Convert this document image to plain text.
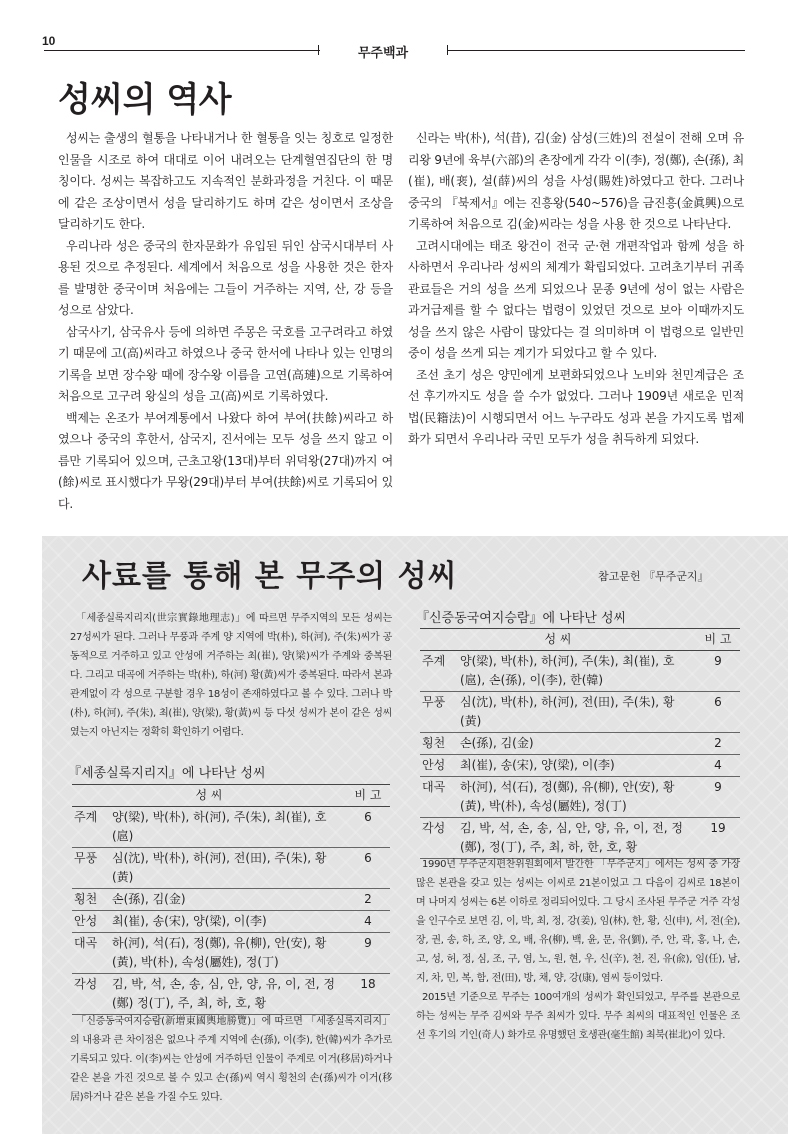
10
무주백과
성씨의 역사

성씨는 출생의 혈통을 나타내거나 한 혈통을 잇는 칭호로 일정한 인물을 시조로 하여 대대로 이어 내려오는 단계혈연집단의 한 명칭이다. 성씨는 복잡하고도 지속적인 분화과정을 거친다. 이 때문에 같은 조상이면서 성을 달리하기도 하며 같은 성이면서 조상을 달리하기도 한다.

우리나라 성은 중국의 한자문화가 유입된 뒤인 삼국시대부터 사용된 것으로 추정된다. 세계에서 처음으로 성을 사용한 것은 한자를 발명한 중국이며 처음에는 그들이 거주하는 지역, 산, 강 등을 성으로 삼았다.

삼국사기, 삼국유사 등에 의하면 주몽은 국호를 고구려라고 하였기 때문에 고(高)씨라고 하였으나 중국 한서에 나타나 있는 인명의 기록을 보면 장수왕 때에 장수왕 이름을 고연(高璉)으로 기록하여 처음으로 고구려 왕실의 성을 고(高)씨로 기록하였다.

백제는 온조가 부여계통에서 나왔다 하여 부여(扶餘)씨라고 하였으나 중국의 후한서, 삼국지, 진서에는 모두 성을 쓰지 않고 이름만 기록되어 있으며, 근초고왕(13대)부터 위덕왕(27대)까지 여(餘)씨로 표시했다가 무왕(29대)부터 부여(扶餘)씨로 기록되어 있다.

신라는 박(朴), 석(昔), 김(金) 삼성(三姓)의 전설이 전해 오며 유리왕 9년에 육부(六部)의 촌장에게 각각 이(李), 정(鄭), 손(孫), 최(崔), 배(裵), 설(薛)씨의 성을 사성(賜姓)하였다고 한다. 그러나 중국의 『북제서』에는 진흥왕(540~576)을 금진흥(金眞興)으로 기록하여 처음으로 김(金)씨라는 성을 사용 한 것으로 나타난다.

고려시대에는 태조 왕건이 전국 군·현 개편작업과 함께 성을 하사하면서 우리나라 성씨의 체계가 확립되었다. 고려초기부터 귀족 관료들은 거의 성을 쓰게 되었으나 문종 9년에 성이 없는 사람은 과거급제를 할 수 없다는 법령이 있었던 것으로 보아 이때까지도 성을 쓰지 않은 사람이 많았다는 걸 의미하며 이 법령으로 일반민중이 성을 쓰게 되는 계기가 되었다고 할 수 있다.

조선 초기 성은 양민에게 보편화되었으나 노비와 천민계급은 조선 후기까지도 성을 쓸 수가 없었다. 그러나 1909년 새로운 민적법(民籍法)이 시행되면서 어느 누구라도 성과 본을 가지도록 법제화가 되면서 우리나라 국민 모두가 성을 취득하게 되었다.

사료를 통해 본 무주의 성씨	참고문헌 『무주군지』

「세종실록지리지(世宗實錄地理志)」에 따르면 무주지역의 모든 성씨는 27성씨가 된다. 그러나 무풍과 주계 양 지역에 박(朴), 하(河), 주(朱)씨가 공동적으로 거주하고 있고 안성에 거주하는 최(崔), 양(梁)씨가 주계와 중복된다. 그리고 대곡에 거주하는 박(朴), 하(河) 황(黃)씨가 중복된다. 따라서 본과 관계없이 각 성으로 구분할 경우 18성이 존재하였다고 볼 수 있다. 그러나 박(朴), 하(河), 주(朱), 최(崔), 양(梁), 황(黃)씨 등 다섯 성씨가 본이 같은 성씨였는지 아닌지는 정확히 확인하기 어렵다.

『세종실록지리지』에 나타난 성씨
성 씨		비 고
주계	양(梁), 박(朴), 하(河), 주(朱), 최(崔), 호(扈)	6
무풍	심(沈), 박(朴), 하(河), 전(田), 주(朱), 황(黃)	6
횡천	손(孫), 김(金)	2
안성	최(崔), 송(宋), 양(梁), 이(李)	4
대곡	하(河), 석(石), 정(鄭), 유(柳), 안(安), 황(黃), 박(朴), 속성(屬姓), 정(丁)	9
각성	김, 박, 석, 손, 송, 심, 안, 양, 유, 이, 전, 정(鄭) 정(丁), 주, 최, 하, 호, 황	18

「신증동국여지승람(新增東國輿地勝覽)」에 따르면 「세종실록지리지」의 내용과 큰 차이점은 없으나 주계 지역에 손(孫), 이(李), 한(韓)씨가 추가로 기록되고 있다. 이(李)씨는 안성에 거주하던 인물이 주계로 이거(移居)하거나 같은 본을 가진 것으로 볼 수 있고 손(孫)씨 역시 횡천의 손(孫)씨가 이거(移居)하거나 같은 본을 가질 수도 있다.

『신증동국여지승람』에 나타난 성씨
성 씨		비 고
주계	양(梁), 박(朴), 하(河), 주(朱), 최(崔), 호(扈), 손(孫), 이(李), 한(韓)	9
무풍	심(沈), 박(朴), 하(河), 전(田), 주(朱), 황(黃)	6
횡천	손(孫), 김(金)	2
안성	최(崔), 송(宋), 양(梁), 이(李)	4
대곡	하(河), 석(石), 정(鄭), 유(柳), 안(安), 황(黃), 박(朴), 속성(屬姓), 정(丁)	9
각성	김, 박, 석, 손, 송, 심, 안, 양, 유, 이, 전, 정(鄭), 정(丁), 주, 최, 하, 한, 호, 황	19

1990년 무주군지편찬위원회에서 발간한 「무주군지」에서는 성씨 중 가장 많은 본관을 갖고 있는 성씨는 이씨로 21본이었고 그 다음이 김씨로 18본이며 나머지 성씨는 6본 이하로 정리되어있다. 그 당시 조사된 무주군 거주 각성을 인구수로 보면 김, 이, 박, 최, 정, 강(姜), 임(林), 한, 황, 신(申), 서, 전(全), 장, 권, 송, 하, 조, 양, 오, 배, 유(柳), 백, 윤, 문, 유(劉), 주, 안, 곽, 홍, 나, 손, 고, 성, 허, 정, 심, 조, 구, 염, 노, 원, 현, 우, 신(辛), 천, 진, 유(兪), 임(任), 남, 지, 차, 민, 복, 함, 전(田), 방, 채, 양, 강(康), 염씨 등이었다.

2015년 기준으로 무주는 100여개의 성씨가 확인되었고, 무주를 본관으로 하는 성씨는 무주 김씨와 무주 최씨가 있다. 무주 최씨의 대표적인 인물은 조선 후기의 기인(奇人) 화가로 유명했던 호생관(毫生館) 최북(崔北)이 있다.
